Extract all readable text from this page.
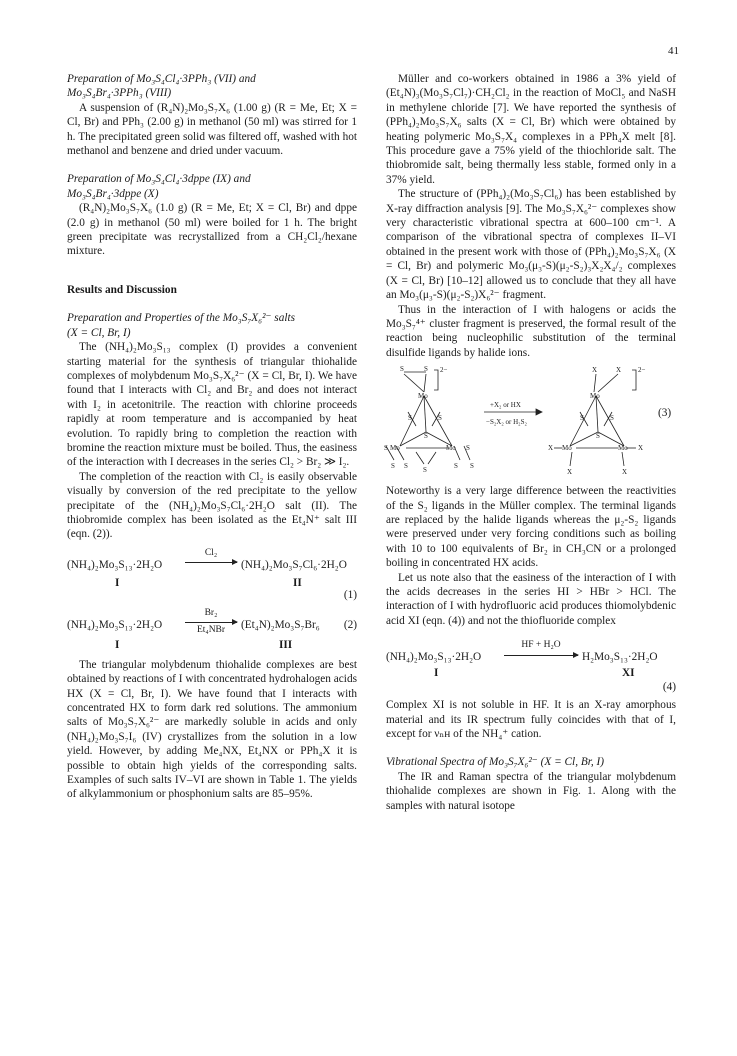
41

Preparation of Mo₃S₄Cl₄·3PPh₃ (VII) and

Mo₃S₄Br₄·3PPh₃ (VIII)

A suspension of (R₄N)₂Mo₃S₇X₆ (1.00 g) (R = Me, Et; X = Cl, Br) and PPh₃ (2.00 g) in methanol (50 ml) was stirred for 1 h. The precipitated green solid was filtered off, washed with hot methanol and benzene and dried under vacuum.

Preparation of Mo₃S₄Cl₄·3dppe (IX) and

Mo₃S₄Br₄·3dppe (X)

(R₄N)₂Mo₃S₇X₆ (1.0 g) (R = Me, Et; X = Cl, Br) and dppe (2.0 g) in methanol (50 ml) were boiled for 1 h. The bright green precipitate was recrystallized from a CH₂Cl₂/hexane mixture.

Results and Discussion

Preparation and Properties of the Mo₃S₇X₆²⁻ salts

(X = Cl, Br, I)

The (NH₄)₂Mo₃S₁₃ complex (I) provides a convenient starting material for the synthesis of triangular thiohalide complexes of molybdenum Mo₃S₇X₆²⁻ (X = Cl, Br, I). We have found that I interacts with Cl₂ and Br₂ and does not interact with I₂ in acetonitrile. The reaction with chlorine proceeds rapidly at room temperature and is accompanied by heat evolution. To rapidly bring to completion the reaction with bromine the reaction mixture must be boiled. Thus, the easiness of the interaction with I decreases in the series Cl₂ > Br₂ ≫ I₂.

The completion of the reaction with Cl₂ is easily observable visually by conversion of the red precipitate to the yellow precipitate of the (NH₄)₂Mo₃S₇Cl₆·2H₂O salt (II). The thiobromide complex has been isolated as the Et₄N⁺ salt III (eqn. (2)).

(NH₄)₂Mo₃S₁₃·2H₂O
Cl₂
(NH₄)₂Mo₃S₇Cl₆·2H₂O
I	II
(1)
(NH₄)₂Mo₃S₁₃·2H₂O
Br₂
Et₄NBr	(Et₄N)₂Mo₃S₇Br₆ (2)
I	III

The triangular molybdenum thiohalide complexes are best obtained by reactions of I with concentrated hydrohalogen acids HX (X = Cl, Br, I). We have found that I interacts with concentrated HX to form dark red solutions. The ammonium salts of Mo₃S₇X₆²⁻ are markedly soluble in acids and only (NH₄)₂Mo₃S₇I₆ (IV) crystallizes from the solution in a low yield. However, by adding Me₄NX, Et₄NX or PPh₄X it is possible to obtain high yields of the corresponding salts. Examples of such salts IV–VI are shown in Table 1. The yields of alkylammonium or phosphonium salts are 85–95%.

Müller and co-workers obtained in 1986 a 3% yield of (Et₄N)₃(Mo₃S₇Cl₇)·CH₂Cl₂ in the reaction of MoCl₅ and NaSH in methylene chloride [7]. We have reported the synthesis of (PPh₄)₂Mo₃S₇X₆ salts (X = Cl, Br) which were obtained by heating polymeric Mo₃S₇X₄ complexes in a PPh₄X melt [8]. This procedure gave a 75% yield of the thiochloride salt. The thiobromide salt, being thermally less stable, formed only in a 37% yield.

The structure of (PPh₄)₂(Mo₃S₇Cl₆) has been established by X-ray diffraction analysis [9]. The Mo₃S₇X₆²⁻ complexes show very characteristic vibrational spectra at 600–100 cm⁻¹. A comparison of the vibrational spectra of complexes II–VI obtained in the present work with those of (PPh₄)₂Mo₃S₇X₆ (X = Cl, Br) and polymeric Mo₃(μ₃-S)(μ₂-S₂)₃X₂X₄/₂ complexes (X = Cl, Br) [10–12] allowed us to conclude that they all have an Mo₃(μ₃-S)(μ₂-S₂)X₆²⁻ fragment.

Thus in the interaction of I with halogens or acids the Mo₃S₇⁴⁺ cluster fragment is preserved, the formal result of the reaction being nucleophilic substitution of the terminal disulfide ligands by halide ions.

S	S
Mo
Mo	Mo
S	S
S S	S S
S
S	S
S
2−	X	X
Mo
Mo	Mo
X	X
X	X
S	S
S
2−
+X₂ or HX
−S₂X₂ or H₂S₂
(3)

Noteworthy is a very large difference between the reactivities of the S₂ ligands in the Müller complex. The terminal ligands are replaced by the halide ligands whereas the μ₂-S₂ ligands were preserved under very forcing conditions such as boiling with 10 to 100 equivalents of Br₂ in CH₃CN or a prolonged boiling in concentrated HX acids.

Let us note also that the easiness of the interaction of I with the acids decreases in the series HI > HBr > HCl. The interaction of I with hydrofluoric acid produces thiomolybdenic acid XI (eqn. (4)) and not the thiofluoride complex

(NH₄)₂Mo₃S₁₃·2H₂O
HF + H₂O
H₂Mo₃S₁₃·2H₂O
I	XI
(4)

Complex XI is not soluble in HF. It is an X-ray amorphous material and its IR spectrum fully coincides with that of I, except for νₙʜ of the NH₄⁺ cation.

Vibrational Spectra of Mo₃S₇X₆²⁻ (X = Cl, Br, I)

The IR and Raman spectra of the triangular molybdenum thiohalide complexes are shown in Fig. 1. Along with the samples with natural isotope
